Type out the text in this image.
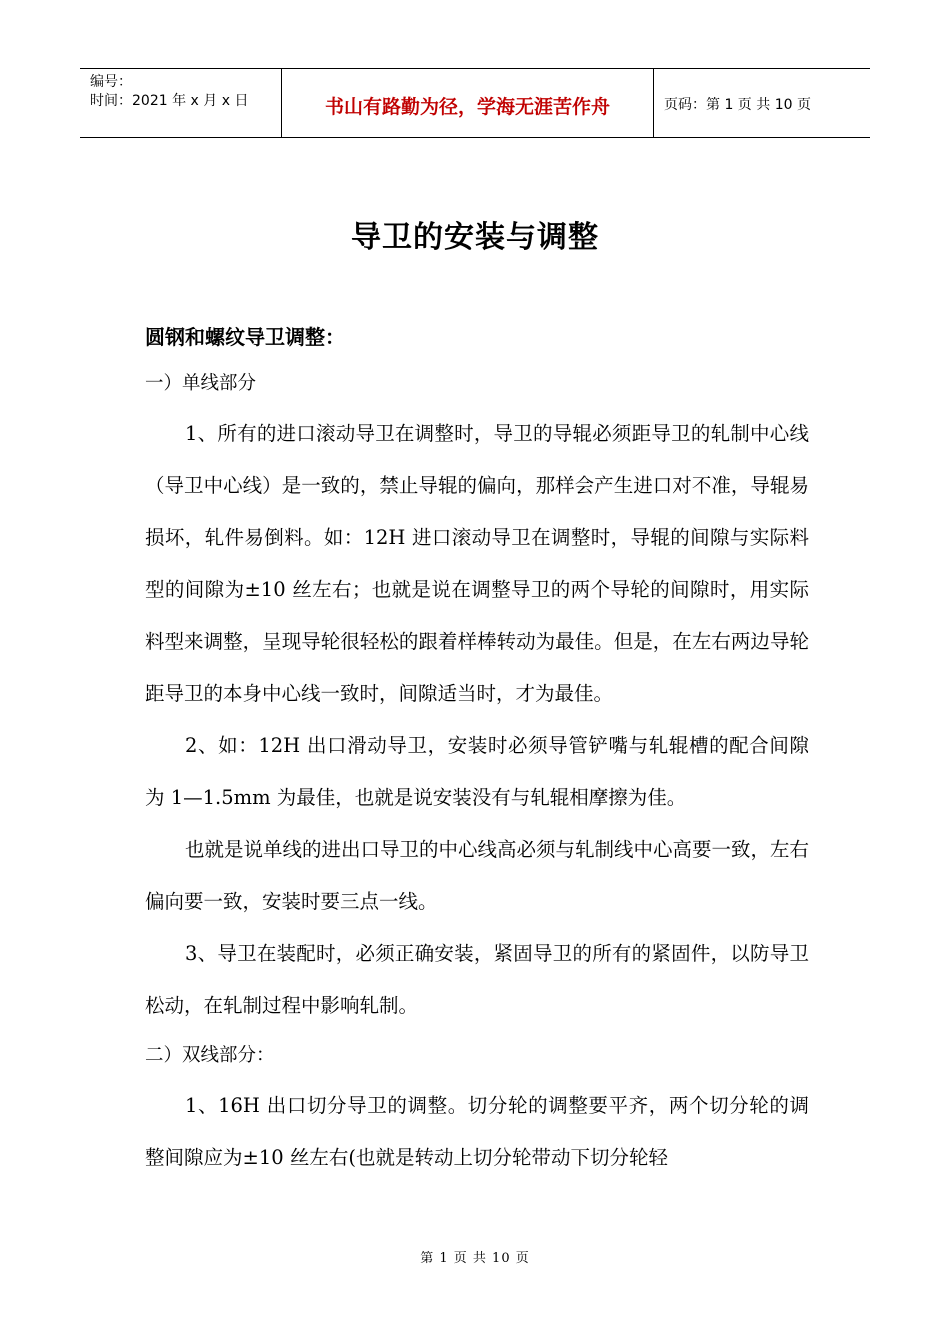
编号：
时间：2021 年 x 月 x 日	书山有路勤为径，学海无涯苦作舟	页码：第 1 页 共 10 页
导卫的安装与调整
圆钢和螺纹导卫调整：
一）单线部分

1、所有的进口滚动导卫在调整时，导卫的导辊必须距导卫的轧制中心线（导卫中心线）是一致的，禁止导辊的偏向，那样会产生进口对不准，导辊易损坏，轧件易倒料。如：12H 进口滚动导卫在调整时，导辊的间隙与实际料型的间隙为±10 丝左右；也就是说在调整导卫的两个导轮的间隙时，用实际料型来调整，呈现导轮很轻松的跟着样棒转动为最佳。但是，在左右两边导轮距导卫的本身中心线一致时，间隙适当时，才为最佳。

2、如：12H 出口滑动导卫，安装时必须导管铲嘴与轧辊槽的配合间隙为 1—1.5mm 为最佳，也就是说安装没有与轧辊相摩擦为佳。

也就是说单线的进出口导卫的中心线高必须与轧制线中心高要一致，左右偏向要一致，安装时要三点一线。

3、导卫在装配时，必须正确安装，紧固导卫的所有的紧固件，以防导卫松动，在轧制过程中影响轧制。

二）双线部分：

1、16H 出口切分导卫的调整。切分轮的调整要平齐，两个切分轮的调整间隙应为±10 丝左右(也就是转动上切分轮带动下切分轮轻

第 1 页 共 10 页
